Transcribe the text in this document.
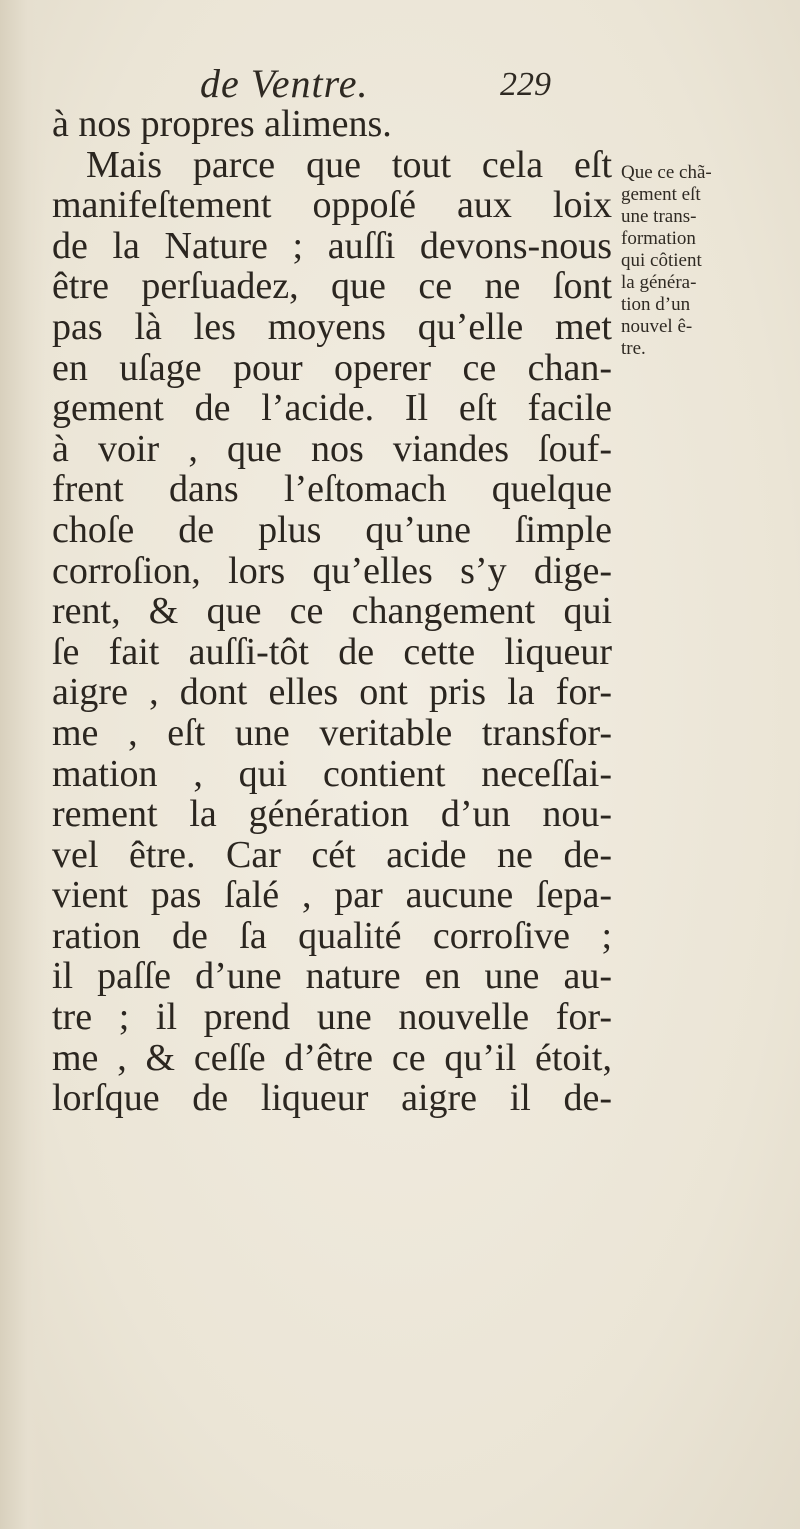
de Ventre.	229
à nos propres alimens.
Mais parce que tout cela eſt
manifeſtement oppoſé aux loix
de la Nature ; auſſi devons-nous
être perſuadez, que ce ne ſont
pas là les moyens qu’elle met
en uſage pour operer ce chan-
gement de l’acide. Il eſt facile
à voir , que nos viandes ſouf-
frent dans l’eſtomach quelque
choſe de plus qu’une ſimple
corroſion, lors qu’elles s’y dige-
rent, & que ce changement qui
ſe fait auſſi-tôt de cette liqueur
aigre , dont elles ont pris la for-
me , eſt une veritable transfor-
mation , qui contient neceſſai-
rement la génération d’un nou-
vel être. Car cét acide ne de-
vient pas ſalé , par aucune ſepa-
ration de ſa qualité corroſive ;
il paſſe d’une nature en une au-
tre ; il prend une nouvelle for-
me , & ceſſe d’être ce qu’il étoit,
lorſque de liqueur aigre il de-
Que ce chã-
gement eſt
une trans-
formation
qui côtient
la généra-
tion d’un
nouvel ê-
tre.
